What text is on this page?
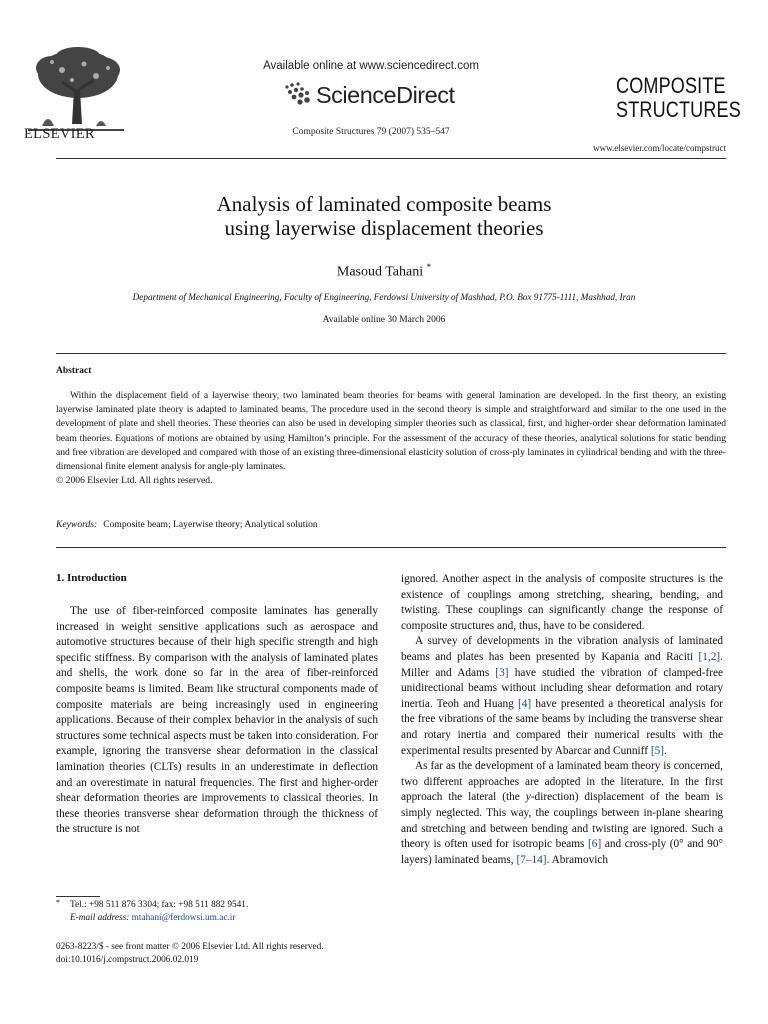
ELSEVIER
Available online at www.sciencedirect.com
ScienceDirect
Composite Structures 79 (2007) 535–547
COMPOSITE
STRUCTURES
www.elsevier.com/locate/compstruct
Analysis of laminated composite beams
using layerwise displacement theories
Masoud Tahani *
Department of Mechanical Engineering, Faculty of Engineering, Ferdowsi University of Mashhad, P.O. Box 91775-1111, Mashhad, Iran
Available online 30 March 2006
Abstract

Within the displacement field of a layerwise theory, two laminated beam theories for beams with general lamination are developed. In the first theory, an existing layerwise laminated plate theory is adapted to laminated beams. The procedure used in the second theory is simple and straightforward and similar to the one used in the development of plate and shell theories. These theories can also be used in developing simpler theories such as classical, first, and higher-order shear deformation laminated beam theories. Equations of motions are obtained by using Hamilton’s principle. For the assessment of the accuracy of these theories, analytical solutions for static bending and free vibration are developed and compared with those of an existing three-dimensional elasticity solution of cross-ply laminates in cylindrical bending and with the three-dimensional finite element analysis for angle-ply laminates.

© 2006 Elsevier Ltd. All rights reserved.

Keywords: Composite beam; Layerwise theory; Analytical solution
1. Introduction

The use of fiber-reinforced composite laminates has generally increased in weight sensitive applications such as aerospace and automotive structures because of their high specific strength and high specific stiffness. By comparison with the analysis of laminated plates and shells, the work done so far in the area of fiber-reinforced composite beams is limited. Beam like structural components made of composite materials are being increasingly used in engineering applications. Because of their complex behavior in the analysis of such structures some technical aspects must be taken into consideration. For example, ignoring the transverse shear deformation in the classical lamination theories (CLTs) results in an underestimate in deflection and an overestimate in natural frequencies. The first and higher-order shear deformation theories are improvements to classical theories. In these theories transverse shear deformation through the thickness of the structure is not

ignored. Another aspect in the analysis of composite structures is the existence of couplings among stretching, shearing, bending, and twisting. These couplings can significantly change the response of composite structures and, thus, have to be considered.

A survey of developments in the vibration analysis of laminated beams and plates has been presented by Kapania and Raciti [1,2]. Miller and Adams [3] have studied the vibration of clamped-free unidirectional beams without including shear deformation and rotary inertia. Teoh and Huang [4] have presented a theoretical analysis for the free vibrations of the same beams by including the transverse shear and rotary inertia and compared their numerical results with the experimental results presented by Abarcar and Cunniff [5].

As far as the development of a laminated beam theory is concerned, two different approaches are adopted in the literature. In the first approach the lateral (the y-direction) displacement of the beam is simply neglected. This way, the couplings between in-plane shearing and stretching and between bending and twisting are ignored. Such a theory is often used for isotropic beams [6] and cross-ply (0° and 90° layers) laminated beams, [7–14]. Abramovich

* Tel.: +98 511 876 3304; fax: +98 511 882 9541.
E-mail address: mtahani@ferdowsi.um.ac.ir
0263-8223/$ - see front matter © 2006 Elsevier Ltd. All rights reserved.
doi:10.1016/j.compstruct.2006.02.019
